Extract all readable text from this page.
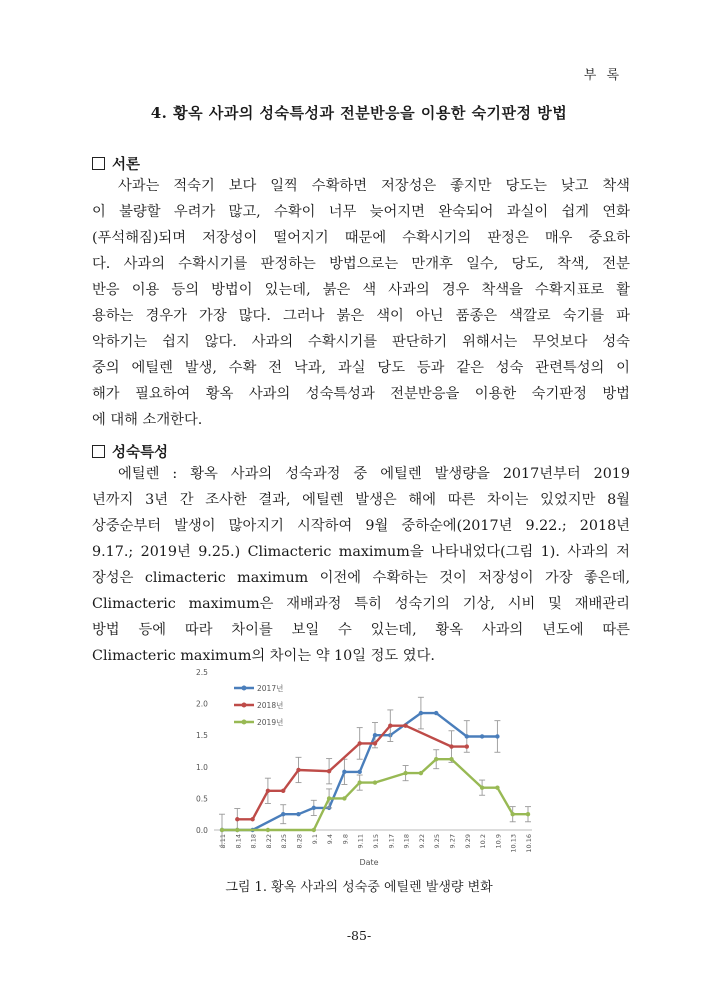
부 록
4. 황옥 사과의 성숙특성과 전분반응을 이용한 숙기판정 방법
서론
사과는 적숙기 보다 일찍 수확하면 저장성은 좋지만 당도는 낮고 착색
이 불량할 우려가 많고, 수확이 너무 늦어지면 완숙되어 과실이 쉽게 연화
(푸석해짐)되며 저장성이 떨어지기 때문에 수확시기의 판정은 매우 중요하
다. 사과의 수확시기를 판정하는 방법으로는 만개후 일수, 당도, 착색, 전분
반응 이용 등의 방법이 있는데, 붉은 색 사과의 경우 착색을 수확지표로 활
용하는 경우가 가장 많다. 그러나 붉은 색이 아닌 품종은 색깔로 숙기를 파
악하기는 쉽지 않다. 사과의 수확시기를 판단하기 위해서는 무엇보다 성숙
중의 에틸렌 발생, 수확 전 낙과, 과실 당도 등과 같은 성숙 관련특성의 이
해가 필요하여 황옥 사과의 성숙특성과 전분반응을 이용한 숙기판정 방법
에 대해 소개한다.
성숙특성
에틸렌 : 황옥 사과의 성숙과정 중 에틸렌 발생량을 2017년부터 2019
년까지 3년 간 조사한 결과, 에틸렌 발생은 해에 따른 차이는 있었지만 8월
상중순부터 발생이 많아지기 시작하여 9월 중하순에(2017년 9.22.; 2018년
9.17.; 2019년 9.25.) Climacteric maximum을 나타내었다(그림 1). 사과의 저
장성은 climacteric maximum 이전에 수확하는 것이 저장성이 가장 좋은데,
Climacteric maximum은 재배과정 특히 성숙기의 기상, 시비 및 재배관리
방법 등에 따라 차이를 보일 수 있는데, 황옥 사과의 년도에 따른
Climacteric maximum의 차이는 약 10일 정도 였다.
2.5
2.0
1.5
1.0
0.5
0.0
8.11 8.14 8.18 8.22 8.25 8.28 9.1 9.4 9.8 9.11 9.15 9.17 9.18 9.22 9.25 9.27 9.29 10.2 10.9 10.13 10.16
Date
2017년
2018년
2019년
그림 1. 황옥 사과의 성숙중 에틸렌 발생량 변화
-85-
